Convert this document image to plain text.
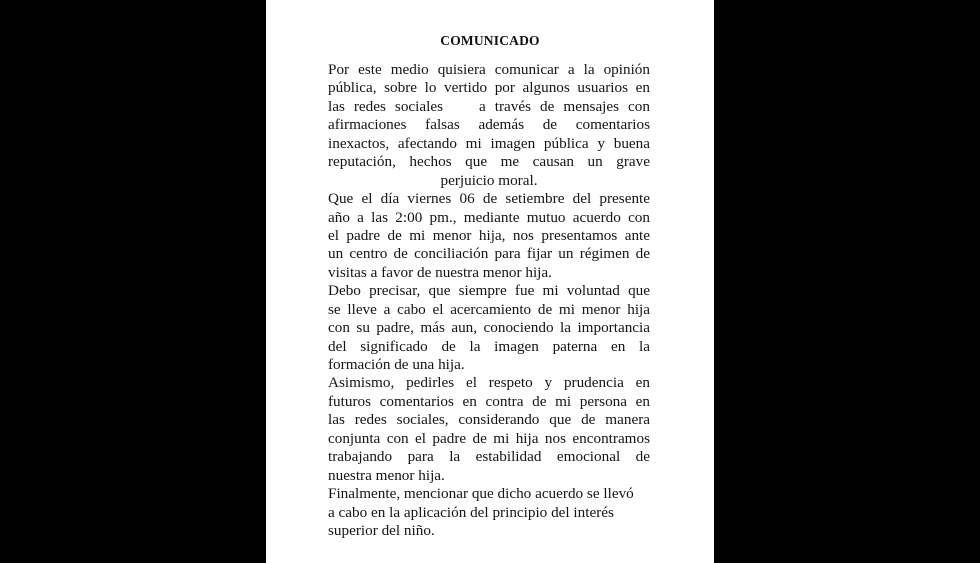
COMUNICADO
Por este medio quisiera comunicar a la opinión
pública, sobre lo vertido por algunos usuarios en
las redes sociales    a través de mensajes con
afirmaciones falsas además de comentarios
inexactos, afectando mi imagen pública y buena
reputación, hechos que me causan un grave
perjuicio moral.
Que el día viernes 06 de setiembre del presente
año a las 2:00 pm., mediante mutuo acuerdo con
el padre de mi menor hija, nos presentamos ante
un centro de conciliación para fijar un régimen de
visitas a favor de nuestra menor hija.
Debo precisar, que siempre fue mi voluntad que
se lleve a cabo el acercamiento de mi menor hija
con su padre, más aun, conociendo la importancia
del significado de la imagen paterna en la
formación de una hija.
Asimismo, pedirles el respeto y prudencia en
futuros comentarios en contra de mi persona en
las redes sociales, considerando que de manera
conjunta con el padre de mi hija nos encontramos
trabajando para la estabilidad emocional de
nuestra menor hija.
Finalmente, mencionar que dicho acuerdo se llevó
a cabo en la aplicación del principio del interés
superior del niño.
